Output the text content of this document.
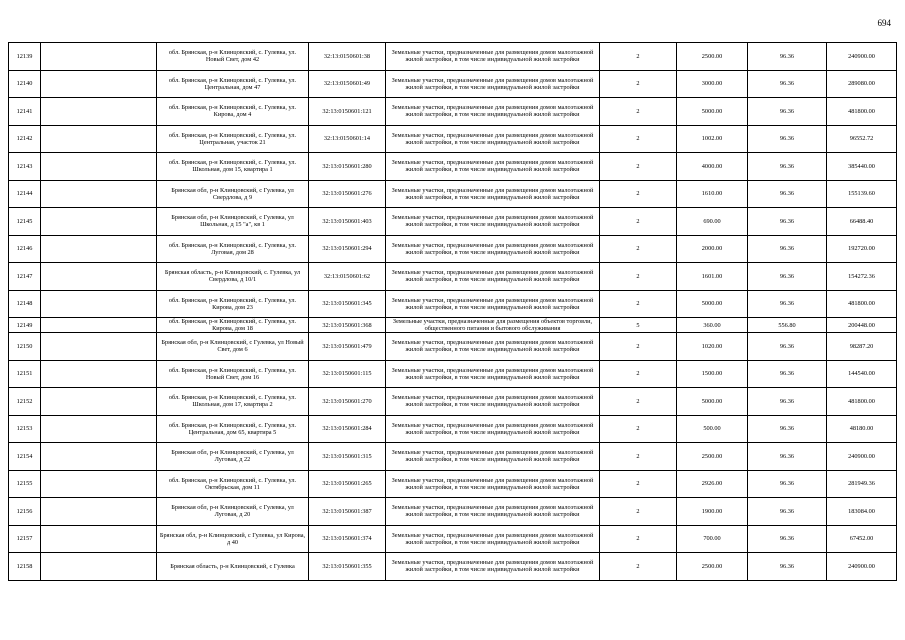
694
12139		обл. Брянская, р-н Клинцовский, с. Гулевка, ул. Новый Свет, дом 42	32:13:0150601:38	Земельные участки, предназначенные для размещения домов малоэтажной жилой застройки, в том числе индивидуальной жилой застройки	2	2500.00	96.36	240900.00
12140		обл. Брянская, р-н Клинцовский, с. Гулевка, ул. Центральная, дом 47	32:13:0150601:49	Земельные участки, предназначенные для размещения домов малоэтажной жилой застройки, в том числе индивидуальной жилой застройки	2	3000.00	96.36	289080.00
12141		обл. Брянская, р-н Клинцовский, с. Гулевка, ул. Кирова, дом 4	32:13:0150601:121	Земельные участки, предназначенные для размещения домов малоэтажной жилой застройки, в том числе индивидуальной жилой застройки	2	5000.00	96.36	481800.00
12142		обл. Брянская, р-н Клинцовский, с. Гулевка, ул. Центральная, участок 21	32:13:0150601:14	Земельные участки, предназначенные для размещения домов малоэтажной жилой застройки, в том числе индивидуальной жилой застройки	2	1002.00	96.36	96552.72
12143		обл. Брянская, р-н Клинцовский, с. Гулевка, ул. Школьная, дом 15, квартира 1	32:13:0150601:280	Земельные участки, предназначенные для размещения домов малоэтажной жилой застройки, в том числе индивидуальной жилой застройки	2	4000.00	96.36	385440.00
12144		Брянская обл, р-н Клинцовский, с Гулевка, ул Свердлова, д 9	32:13:0150601:276	Земельные участки, предназначенные для размещения домов малоэтажной жилой застройки, в том числе индивидуальной жилой застройки	2	1610.00	96.36	155139.60
12145		Брянская обл, р-н Клинцовский, с Гулевка, ул Школьная, д 15 "а", кв 1	32:13:0150601:403	Земельные участки, предназначенные для размещения домов малоэтажной жилой застройки, в том числе индивидуальной жилой застройки	2	690.00	96.36	66488.40
12146		обл. Брянская, р-н Клинцовский, с. Гулевка, ул. Луговая, дом 28	32:13:0150601:294	Земельные участки, предназначенные для размещения домов малоэтажной жилой застройки, в том числе индивидуальной жилой застройки	2	2000.00	96.36	192720.00
12147		Брянская область, р-н Клинцовский, с. Гулевка, ул Свердлова, д 10/1	32:13:0150601:62	Земельные участки, предназначенные для размещения домов малоэтажной жилой застройки, в том числе индивидуальной жилой застройки	2	1601.00	96.36	154272.36
12148		обл. Брянская, р-н Клинцовский, с. Гулевка, ул. Кирова, дом 23	32:13:0150601:345	Земельные участки, предназначенные для размещения домов малоэтажной жилой застройки, в том числе индивидуальной жилой застройки	2	5000.00	96.36	481800.00
12149		обл. Брянская, р-н Клинцовский, с. Гулевка, ул. Кирова, дом 18	32:13:0150601:368	Земельные участки, предназначенные для размещения объектов торговли, общественного питания и бытового обслуживания	5	360.00	556.80	200448.00
12150		Брянская обл, р-н Клинцовский, с Гулевка, ул Новый Свет, дом 6	32:13:0150601:479	Земельные участки, предназначенные для размещения домов малоэтажной жилой застройки, в том числе индивидуальной жилой застройки	2	1020.00	96.36	98287.20
12151		обл. Брянская, р-н Клинцовский, с. Гулевка, ул. Новый Свет, дом 16	32:13:0150601:115	Земельные участки, предназначенные для размещения домов малоэтажной жилой застройки, в том числе индивидуальной жилой застройки	2	1500.00	96.36	144540.00
12152		обл. Брянская, р-н Клинцовский, с. Гулевка, ул. Школьная, дом 17, квартира 2	32:13:0150601:270	Земельные участки, предназначенные для размещения домов малоэтажной жилой застройки, в том числе индивидуальной жилой застройки	2	5000.00	96.36	481800.00
12153		обл. Брянская, р-н Клинцовский, с. Гулевка, ул. Центральная, дом 65, квартира 5	32:13:0150601:284	Земельные участки, предназначенные для размещения домов малоэтажной жилой застройки, в том числе индивидуальной жилой застройки	2	500.00	96.36	48180.00
12154		Брянская обл, р-н Клинцовский, с Гулевка, ул Луговая, д 22	32:13:0150601:315	Земельные участки, предназначенные для размещения домов малоэтажной жилой застройки, в том числе индивидуальной жилой застройки	2	2500.00	96.36	240900.00
12155		обл. Брянская, р-н Клинцовский, с. Гулевка, ул. Октябрьская, дом 11	32:13:0150601:265	Земельные участки, предназначенные для размещения домов малоэтажной жилой застройки, в том числе индивидуальной жилой застройки	2	2926.00	96.36	281949.36
12156		Брянская обл, р-н Клинцовский, с Гулевка, ул Луговая, д 20	32:13:0150601:387	Земельные участки, предназначенные для размещения домов малоэтажной жилой застройки, в том числе индивидуальной жилой застройки	2	1900.00	96.36	183084.00
12157		Брянская обл, р-н Клинцовский, с Гулевка, ул Кирова, д 40	32:13:0150601:374	Земельные участки, предназначенные для размещения домов малоэтажной жилой застройки, в том числе индивидуальной жилой застройки	2	700.00	96.36	67452.00
12158		Брянская область, р-н Клинцовский, с Гулевка	32:13:0150601:355	Земельные участки, предназначенные для размещения домов малоэтажной жилой застройки, в том числе индивидуальной жилой застройки	2	2500.00	96.36	240900.00
